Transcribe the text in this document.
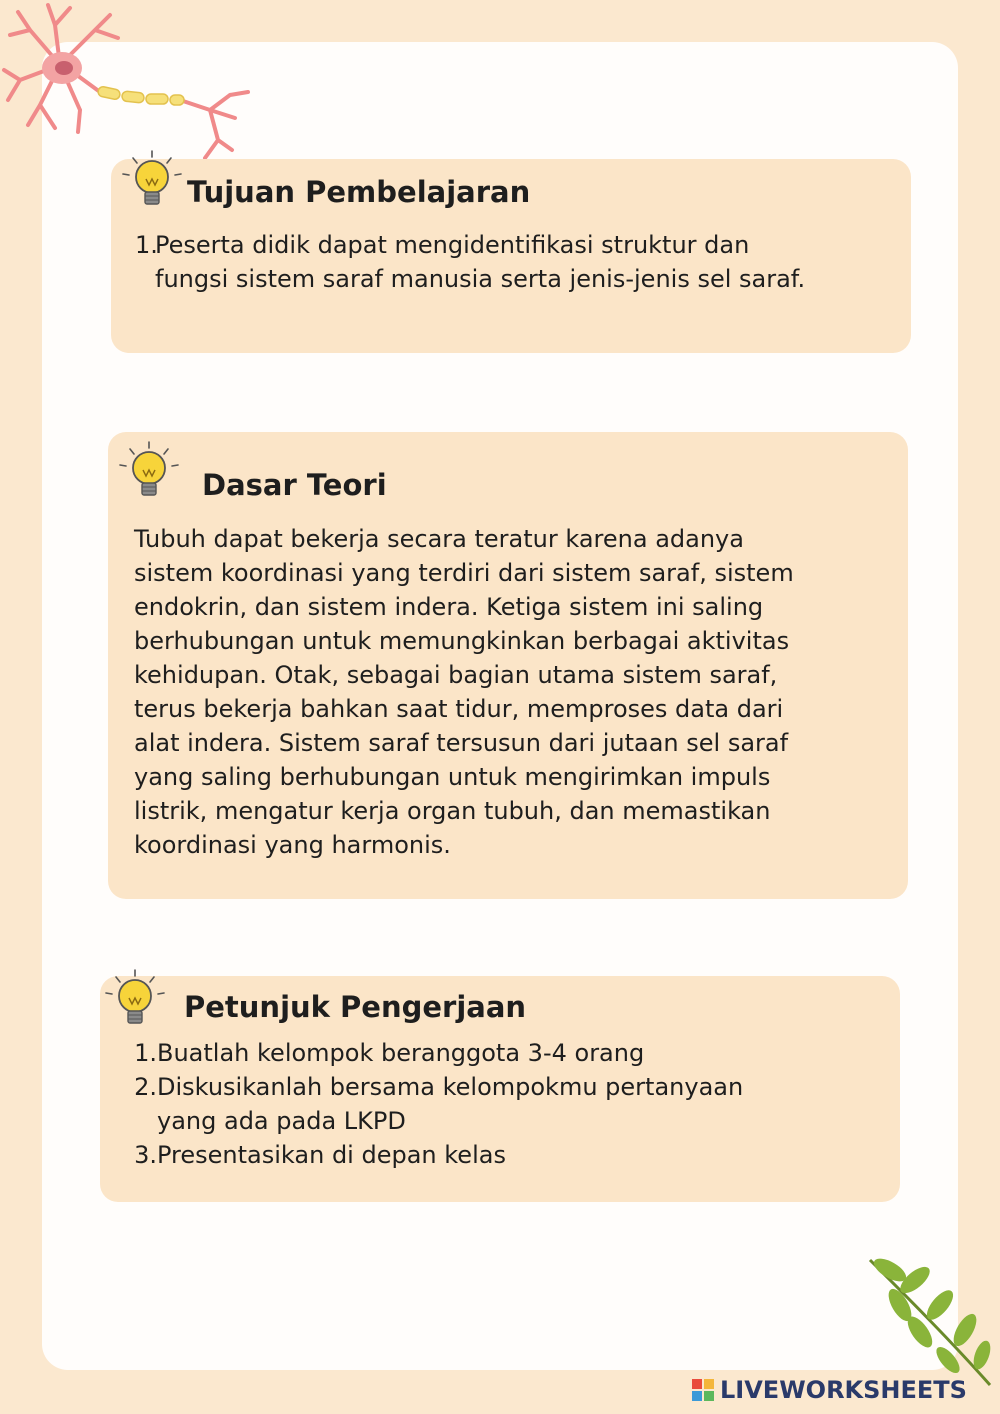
Tujuan Pembelajaran
1.
Peserta didik dapat mengidentifikasi struktur dan
fungsi sistem saraf manusia serta jenis-jenis sel saraf.
Dasar Teori
Tubuh dapat bekerja secara teratur karena adanya
sistem koordinasi yang terdiri dari sistem saraf, sistem
endokrin, dan sistem indera. Ketiga sistem ini saling
berhubungan untuk memungkinkan berbagai aktivitas
kehidupan. Otak, sebagai bagian utama sistem saraf,
terus bekerja bahkan saat tidur, memproses data dari
alat indera. Sistem saraf tersusun dari jutaan sel saraf
yang saling berhubungan untuk mengirimkan impuls
listrik, mengatur kerja organ tubuh, dan memastikan
koordinasi yang harmonis.
Petunjuk Pengerjaan
1. Buatlah kelompok beranggota 3-4 orang
2. Diskusikanlah bersama kelompokmu pertanyaan
yang ada pada LKPD
3. Presentasikan di depan kelas
LIVEWORKSHEETS
